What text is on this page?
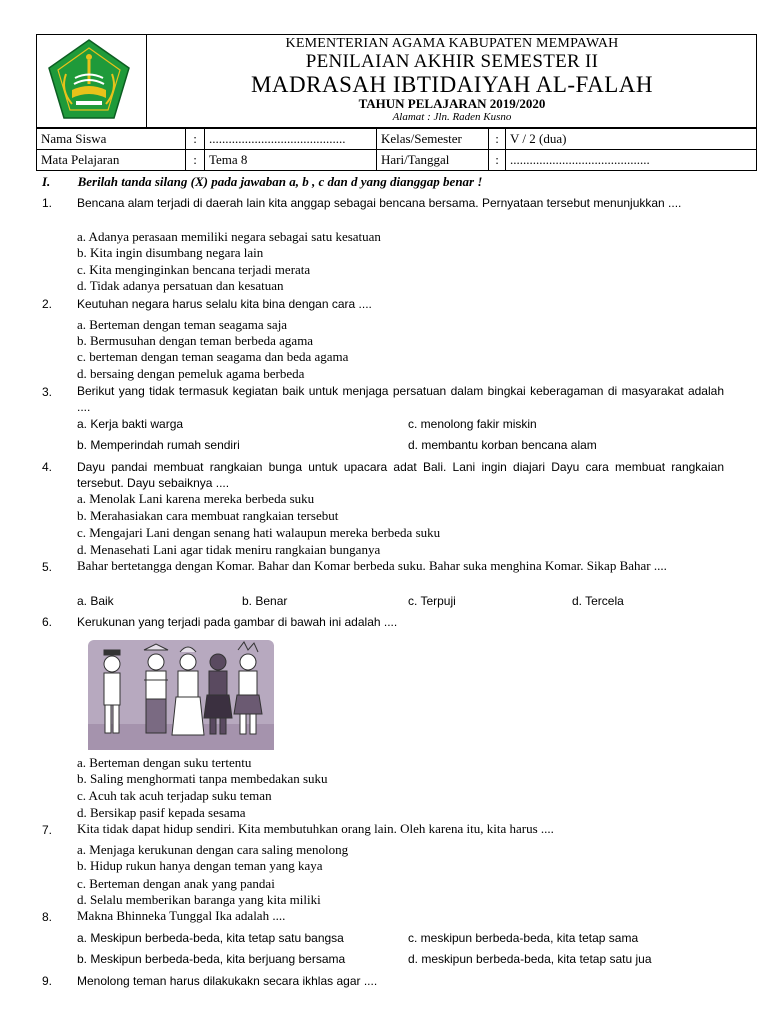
KEMENTERIAN AGAMA KABUPATEN MEMPAWAH
PENILAIAN AKHIR SEMESTER II
MADRASAH IBTIDAIYAH AL-FALAH
TAHUN PELAJARAN 2019/2020
Alamat : Jln. Raden Kusno
Nama Siswa	:	..........................................	Kelas/Semester	:	V / 2 (dua)
Mata Pelajaran	:	Tema 8	Hari/Tanggal	:	...........................................
I. Berilah tanda silang (X) pada jawaban a, b , c dan d yang dianggap benar !
1. Bencana alam terjadi di daerah lain kita anggap sebagai bencana bersama. Pernyataan tersebut menunjukkan ....
a. Adanya perasaan memiliki negara sebagai satu kesatuan
b. Kita ingin disumbang negara lain
c. Kita menginginkan bencana terjadi merata
d. Tidak adanya persatuan dan kesatuan
2. Keutuhan negara harus selalu kita bina dengan cara ....
a. Berteman dengan teman seagama saja
b. Bermusuhan dengan teman berbeda agama
c. berteman dengan teman seagama dan beda agama
d. bersaing dengan pemeluk agama berbeda
3. Berikut yang tidak termasuk kegiatan baik untuk menjaga persatuan dalam bingkai keberagaman di masyarakat adalah ....
a. Kerja bakti warga	c. menolong fakir miskin
b. Memperindah rumah sendiri	d. membantu korban bencana alam
4. Dayu pandai membuat rangkaian bunga untuk upacara adat Bali. Lani ingin diajari Dayu cara membuat rangkaian tersebut. Dayu sebaiknya ....
a. Menolak Lani karena mereka berbeda suku
b. Merahasiakan cara membuat rangkaian tersebut
c. Mengajari Lani dengan senang hati walaupun mereka berbeda suku
d. Menasehati Lani agar tidak meniru rangkaian bunganya
5. Bahar bertetangga dengan Komar. Bahar dan Komar berbeda suku. Bahar suka menghina Komar. Sikap Bahar ....
a. Baik	b. Benar	c. Terpuji	d. Tercela
6. Kerukunan yang terjadi pada gambar di bawah ini adalah ....
a. Berteman dengan suku tertentu
b. Saling menghormati tanpa membedakan suku
c. Acuh tak acuh terjadap suku teman
d. Bersikap pasif kepada sesama
7. Kita tidak dapat hidup sendiri. Kita membutuhkan orang lain. Oleh karena itu, kita harus ....
a. Menjaga kerukunan dengan cara saling menolong
b. Hidup rukun hanya dengan teman yang kaya
c. Berteman dengan anak yang pandai
d. Selalu memberikan baranga yang kita miliki
8. Makna Bhinneka Tunggal Ika adalah ....
a. Meskipun berbeda-beda, kita tetap satu bangsa	c. meskipun berbeda-beda, kita tetap sama
b. Meskipun berbeda-beda, kita berjuang bersama	d. meskipun berbeda-beda, kita tetap satu jua
9. Menolong teman harus dilakukakn secara ikhlas agar ....
